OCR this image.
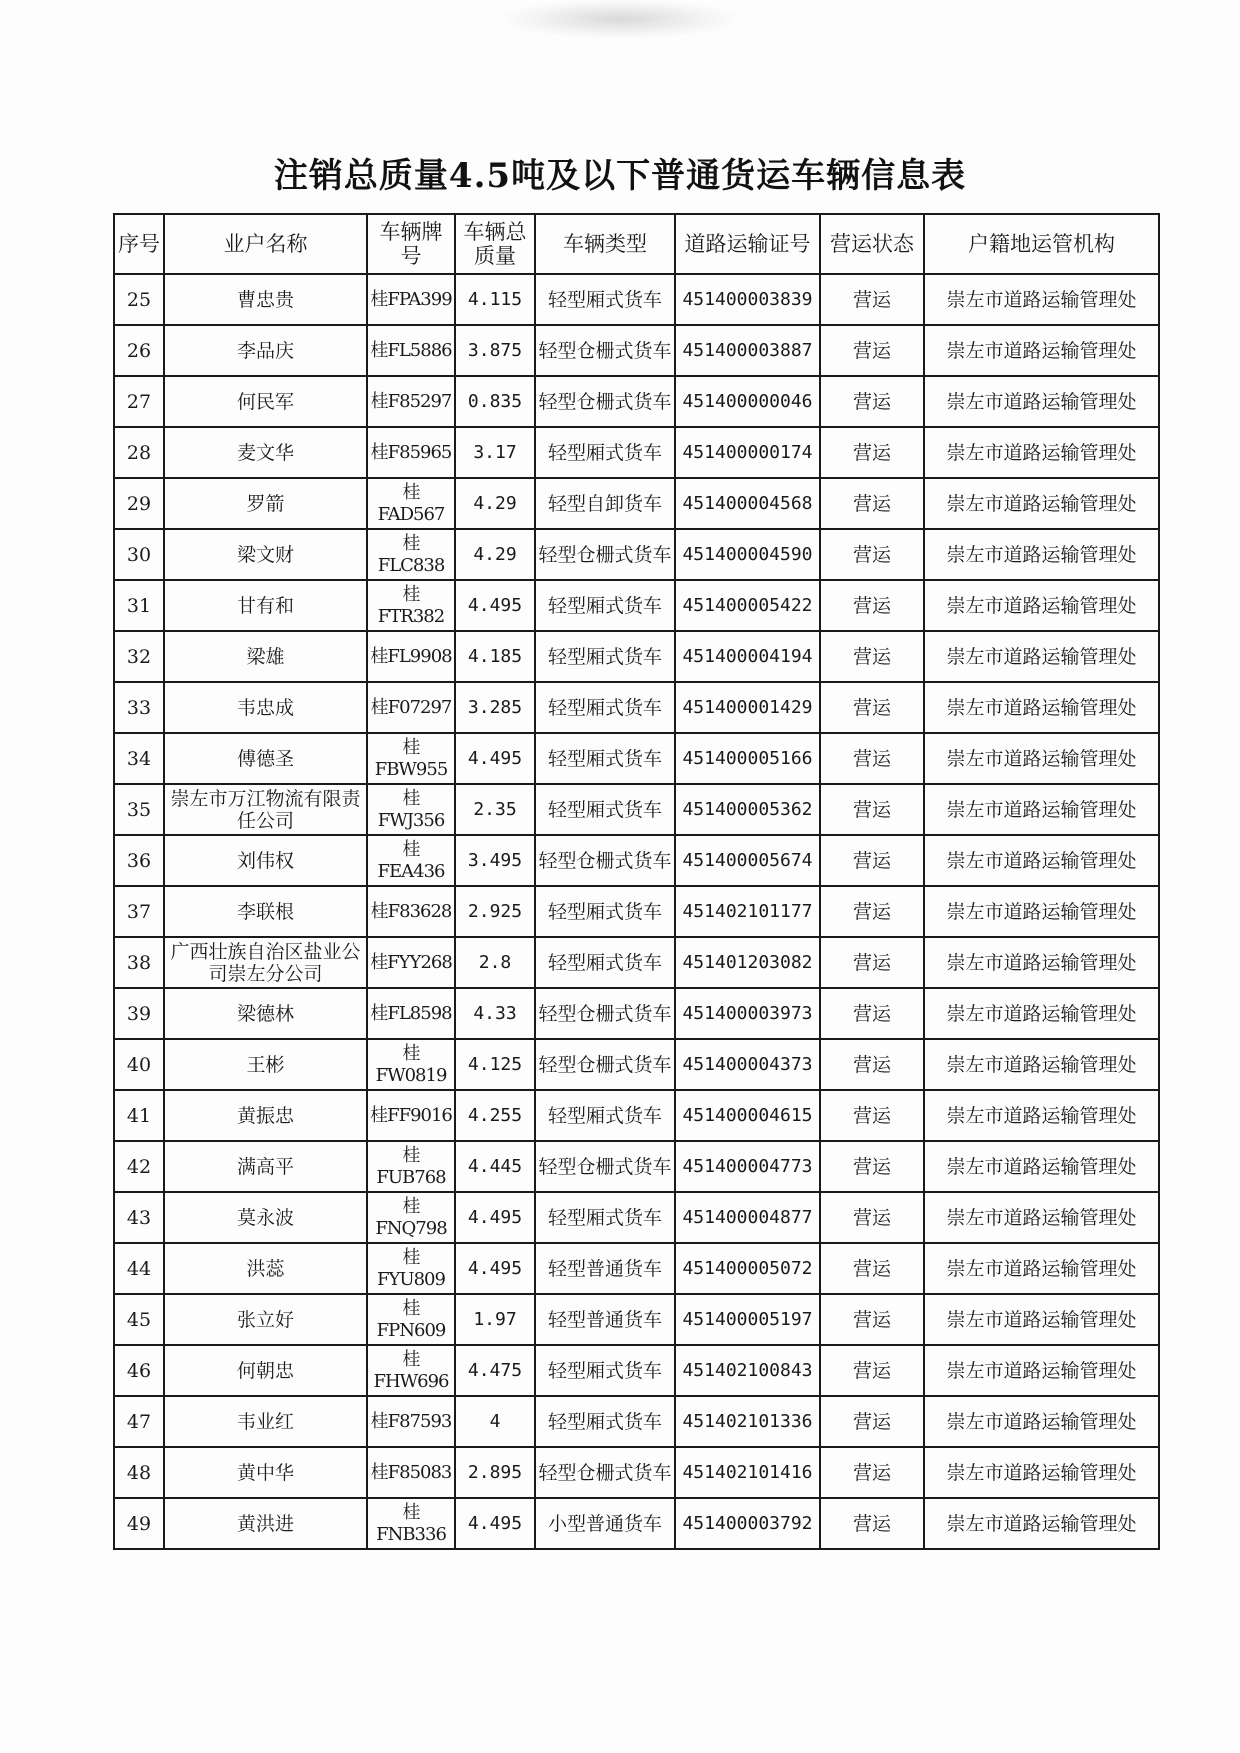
注销总质量4.5吨及以下普通货运车辆信息表
序号	业户名称	车辆牌号	车辆总质量	车辆类型	道路运输证号	营运状态	户籍地运管机构
25	曹忠贵	桂FPA399	4.115	轻型厢式货车	451400003839	营运	崇左市道路运输管理处
26	李品庆	桂FL5886	3.875	轻型仓栅式货车	451400003887	营运	崇左市道路运输管理处
27	何民军	桂F85297	0.835	轻型仓栅式货车	451400000046	营运	崇左市道路运输管理处
28	麦文华	桂F85965	3.17	轻型厢式货车	451400000174	营运	崇左市道路运输管理处
29	罗箭	桂FAD567	4.29	轻型自卸货车	451400004568	营运	崇左市道路运输管理处
30	梁文财	桂FLC838	4.29	轻型仓栅式货车	451400004590	营运	崇左市道路运输管理处
31	甘有和	桂FTR382	4.495	轻型厢式货车	451400005422	营运	崇左市道路运输管理处
32	梁雄	桂FL9908	4.185	轻型厢式货车	451400004194	营运	崇左市道路运输管理处
33	韦忠成	桂F07297	3.285	轻型厢式货车	451400001429	营运	崇左市道路运输管理处
34	傅德圣	桂FBW955	4.495	轻型厢式货车	451400005166	营运	崇左市道路运输管理处
35	崇左市万江物流有限责任公司	桂FWJ356	2.35	轻型厢式货车	451400005362	营运	崇左市道路运输管理处
36	刘伟权	桂FEA436	3.495	轻型仓栅式货车	451400005674	营运	崇左市道路运输管理处
37	李联根	桂F83628	2.925	轻型厢式货车	451402101177	营运	崇左市道路运输管理处
38	广西壮族自治区盐业公司崇左分公司	桂FYY268	2.8	轻型厢式货车	451401203082	营运	崇左市道路运输管理处
39	梁德林	桂FL8598	4.33	轻型仓栅式货车	451400003973	营运	崇左市道路运输管理处
40	王彬	桂FW0819	4.125	轻型仓栅式货车	451400004373	营运	崇左市道路运输管理处
41	黄振忠	桂FF9016	4.255	轻型厢式货车	451400004615	营运	崇左市道路运输管理处
42	满高平	桂FUB768	4.445	轻型仓栅式货车	451400004773	营运	崇左市道路运输管理处
43	莫永波	桂FNQ798	4.495	轻型厢式货车	451400004877	营运	崇左市道路运输管理处
44	洪蕊	桂FYU809	4.495	轻型普通货车	451400005072	营运	崇左市道路运输管理处
45	张立好	桂FPN609	1.97	轻型普通货车	451400005197	营运	崇左市道路运输管理处
46	何朝忠	桂FHW696	4.475	轻型厢式货车	451402100843	营运	崇左市道路运输管理处
47	韦业红	桂F87593	4	轻型厢式货车	451402101336	营运	崇左市道路运输管理处
48	黄中华	桂F85083	2.895	轻型仓栅式货车	451402101416	营运	崇左市道路运输管理处
49	黄洪进	桂FNB336	4.495	小型普通货车	451400003792	营运	崇左市道路运输管理处
